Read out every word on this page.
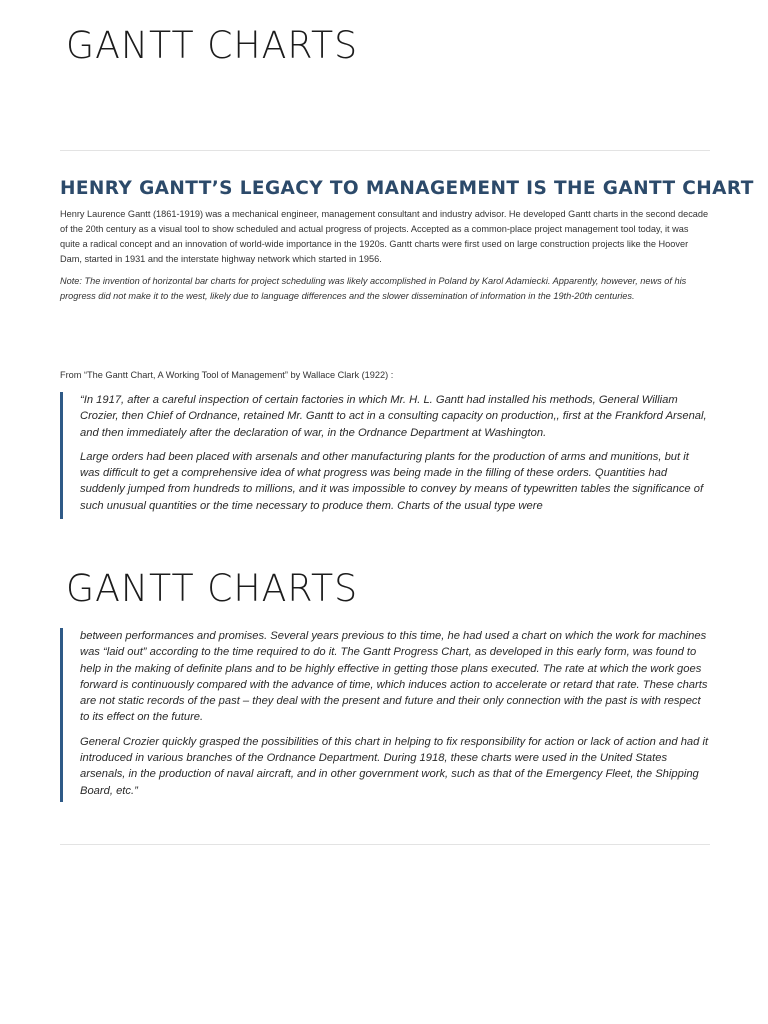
GANTT CHARTS
HENRY GANTT’S LEGACY TO MANAGEMENT IS THE GANTT CHART

Henry Laurence Gantt (1861-1919) was a mechanical engineer, management consultant and industry advisor. He developed Gantt charts in the second decade of the 20th century as a visual tool to show scheduled and actual progress of projects. Accepted as a common-place project management tool today, it was quite a radical concept and an innovation of world-wide importance in the 1920s. Gantt charts were first used on large construction projects like the Hoover Dam, started in 1931 and the interstate highway network which started in 1956.

Note: The invention of horizontal bar charts for project scheduling was likely accomplished in Poland by Karol Adamiecki. Apparently, however, news of his progress did not make it to the west, likely due to language differences and the slower dissemination of information in the 19th-20th centuries.

From “The Gantt Chart, A Working Tool of Management” by Wallace Clark (1922) :

“In 1917, after a careful inspection of certain factories in which Mr. H. L. Gantt had installed his methods, General William Crozier, then Chief of Ordnance, retained Mr. Gantt to act in a consulting capacity on production,, first at the Frankford Arsenal, and then immediately after the declaration of war, in the Ordnance Department at Washington.

Large orders had been placed with arsenals and other manufacturing plants for the production of arms and munitions, but it was difficult to get a comprehensive idea of what progress was being made in the filling of these orders. Quantities had suddenly jumped from hundreds to millions, and it was impossible to convey by means of typewritten tables the significance of such unusual quantities or the time necessary to produce them. Charts of the usual type were

GANTT CHARTS

between performances and promises. Several years previous to this time, he had used a chart on which the work for machines was “laid out” according to the time required to do it. The Gantt Progress Chart, as developed in this early form, was found to help in the making of definite plans and to be highly effective in getting those plans executed. The rate at which the work goes forward is continuously compared with the advance of time, which induces action to accelerate or retard that rate. These charts are not static records of the past – they deal with the present and future and their only connection with the past is with respect to its effect on the future.

General Crozier quickly grasped the possibilities of this chart in helping to fix responsibility for action or lack of action and had it introduced in various branches of the Ordnance Department. During 1918, these charts were used in the United States arsenals, in the production of naval aircraft, and in other government work, such as that of the Emergency Fleet, the Shipping Board, etc.”
